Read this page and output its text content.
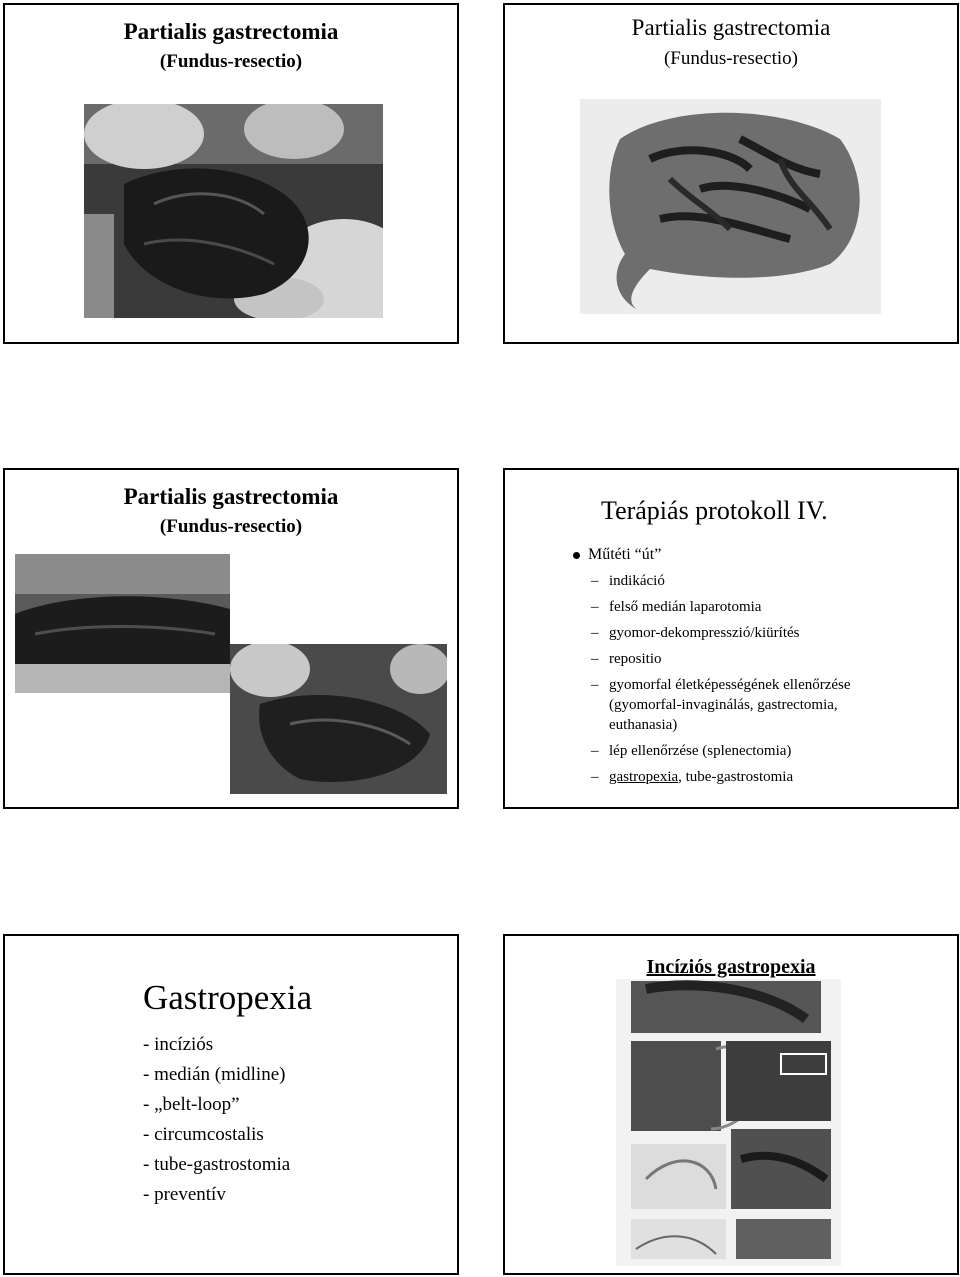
Partialis gastrectomia
(Fundus-resectio)
Partialis gastrectomia
(Fundus-resectio)
Partialis gastrectomia
(Fundus-resectio)
Terápiás protokoll IV.
Műtéti “út”
– indikáció
– felső medián laparotomia
– gyomor-dekompresszió/kiürítés
– repositio
– gyomorfal életképességének ellenőrzése
(gyomorfal-invaginálás, gastrectomia,
euthanasia)
– lép ellenőrzése (splenectomia)
– gastropexia, tube-gastrostomia
Gastropexia
- incíziós
- medián (midline)
- „belt-loop”
- circumcostalis
- tube-gastrostomia
- preventív
Incíziós gastropexia
